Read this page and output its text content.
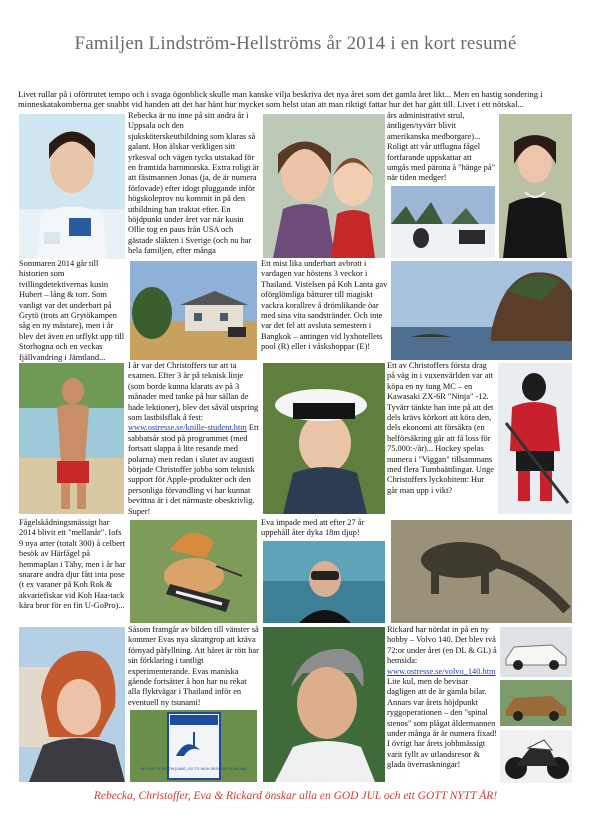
Familjen Lindström-Hellströms år 2014 i en kort resumé
Livet rullar på i oförtrutet tempo och i svaga ögonblick skulle man kanske vilja beskriva det nya året som det gamla året likt... Men en hastig sondering i minneskatakomberna ger snabbt vid handen att det har hänt hur mycket som helst utan att man riktigt fattar hur det har gått till. Livet i ett nötskal...
Rebecka är nu inne på sitt andra år i Uppsala och den sjuksköterskeutbildning som klaras så galant. Hon älskar verkligen sitt yrkesval och vägen tycks utstakad för en framtida barnmorska. Extra roligt är att fästmannen Jonas (ja, de är numera förlovade) efter idogt pluggande inför högskoleprov nu kommit in på den utbildning han traktat efter. En höjdpunkt under året var när kusin Ollie tog en paus från USA och gästade släkten i Sverige (och nu har hela familjen, efter många
års administrativt strul, äntligen/tyvärr blivit amerikanska medborgare)... Roligt att vår utflugna fågel fortfarande uppskattar att umgås med pärona å "hänge på" när tiden medger!
Sommaren 2014 går till historien som tvillingdetektivernas kusin Hubert – lång & torr. Som vanligt var det underbart på Grytö (trots att Grytökampen såg en ny mästare), men i år blev det även en utflykt upp till Storhogna och en veckas fjällvandring i Jämtland...
Ett mist lika underbart avbrott i vardagen var höstens 3 veckor i Thailand. Vistelsen på Koh Lanta gav oförglömliga båtturer till magiskt vackra korallrev å drömlikande öar med sina vita sandstränder. Och inte var det fel att avsluta semestern i Bangkok – antingen vid lyxhotellets pool (R) eller i våskshoppar (E)!
I år var det Christoffers tur att ta examen. Efter 3 år på teknisk linje (som borde kunna klarats av på 3 månader med tanke på hur sällan de hade lektioner), blev det såväl utspring som lastbilsflak å fest: www.ostresse.se/knille-student.htm Ett sabbatsår stod på programmet (med fortsatt slappa å lite resande med polarna) men redan i slutet av augusti började Christoffer jobba som teknisk support för Apple-produkter och den personliga förvandling vi har kunnat bevittna är i det närmaste obeskrivlig. Super!
Ett av Christoffers första drag på väg in i vuxenvärlden var att köpa en ny tung MC – en Kawasaki ZX-6R "Ninja" -12. Tyvärr tänkte han inte på att det dels krävs körkort att köra den, dels ekonomi att försäkra (en helförsäkring går att få loss för 75.000:-/år)... Hockey spelas numera i "Viggan" tillsammans med flera Tumbaättlingar. Unge Christoffers lyckobitem: Hur går man upp i vikt?
Fågelskådningsmässigt har 2014 blivit ett "mellanår". Iofs 9 nya arter (totalt 300) å celbert besök av Härfågel på hemmaplan i Täby, men i år har snarare andra djur fått inta pose (t ex varaner på Koh Rok & akvariefiskar vid Koh Haa-tack kära bror för en fin U-GoPro)...
Eva impade med att efter 27 år uppehåll åter dyka 18m djup!
Såsom framgår av bilden till vänster så kommer Evas nya skrattgrop att kräva förnyad påfyllning. Att håret är rött har sin förklaring i tantligt experimenterande. Evas maniska gående fortsätter å hon har nu rekat alla flyktvägar i Thailand inför en eventuell ny tsunami!
IN CASE OF EARTHQUAKE, GO TO HIGH GROUND OR INLAND
Rickard har nördat in på en ny hobby – Volvo 140. Det blev två 72:or under året (en DL & GL) å hemsida: www.ostresse.se/volvo_140.htm Lite kul, men de bevisar dagligen att de är gamla bilar. Annars var årets höjdpunkt ryggoperationen – den "spinal stenos" som plågat åldermannen under många år är numera fixad! I övrigt har årets jobbmässigt varit fyllt av utlandsresor & glada överraskningar!
Rebecka, Christoffer, Eva & Rickard önskar alla en GOD JUL och ett GOTT NYTT ÅR!
